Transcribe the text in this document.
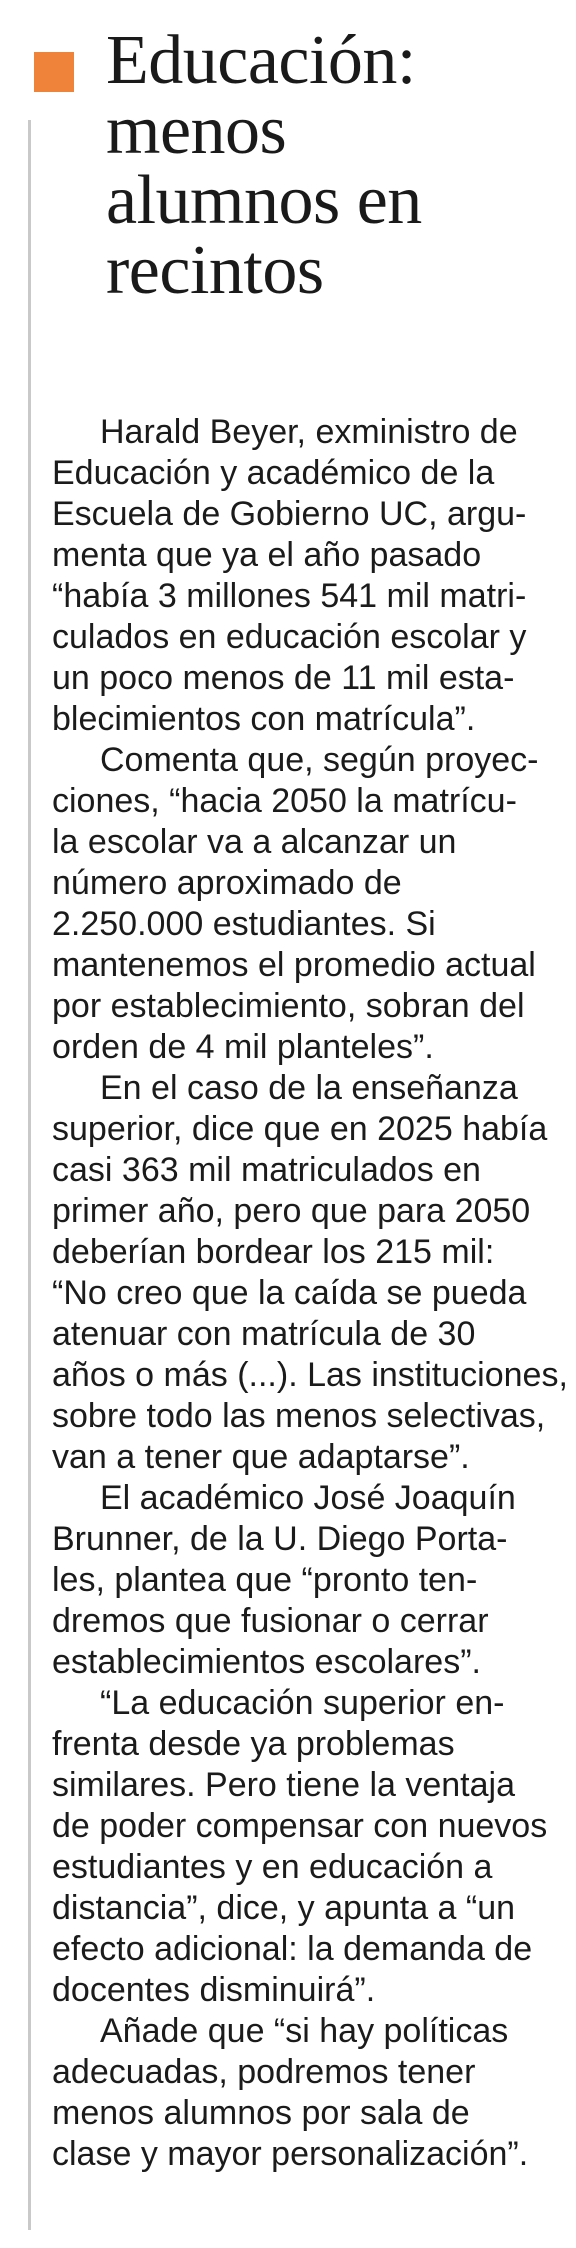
Educación:
menos
alumnos en
recintos

Harald Beyer, exministro de
Educación y académico de la
Escuela de Gobierno UC, argu-
menta que ya el año pasado
“había 3 millones 541 mil matri-
culados en educación escolar y
un poco menos de 11 mil esta-
blecimientos con matrícula”.

Comenta que, según proyec-
ciones, “hacia 2050 la matrícu-
la escolar va a alcanzar un
número aproximado de
2.250.000 estudiantes. Si
mantenemos el promedio actual
por establecimiento, sobran del
orden de 4 mil planteles”.

En el caso de la enseñanza
superior, dice que en 2025 había
casi 363 mil matriculados en
primer año, pero que para 2050
deberían bordear los 215 mil:
“No creo que la caída se pueda
atenuar con matrícula de 30
años o más (...). Las instituciones,
sobre todo las menos selectivas,
van a tener que adaptarse”.

El académico José Joaquín
Brunner, de la U. Diego Porta-
les, plantea que “pronto ten-
dremos que fusionar o cerrar
establecimientos escolares”.

“La educación superior en-
frenta desde ya problemas
similares. Pero tiene la ventaja
de poder compensar con nuevos
estudiantes y en educación a
distancia”, dice, y apunta a “un
efecto adicional: la demanda de
docentes disminuirá”.

Añade que “si hay políticas
adecuadas, podremos tener
menos alumnos por sala de
clase y mayor personalización”.
